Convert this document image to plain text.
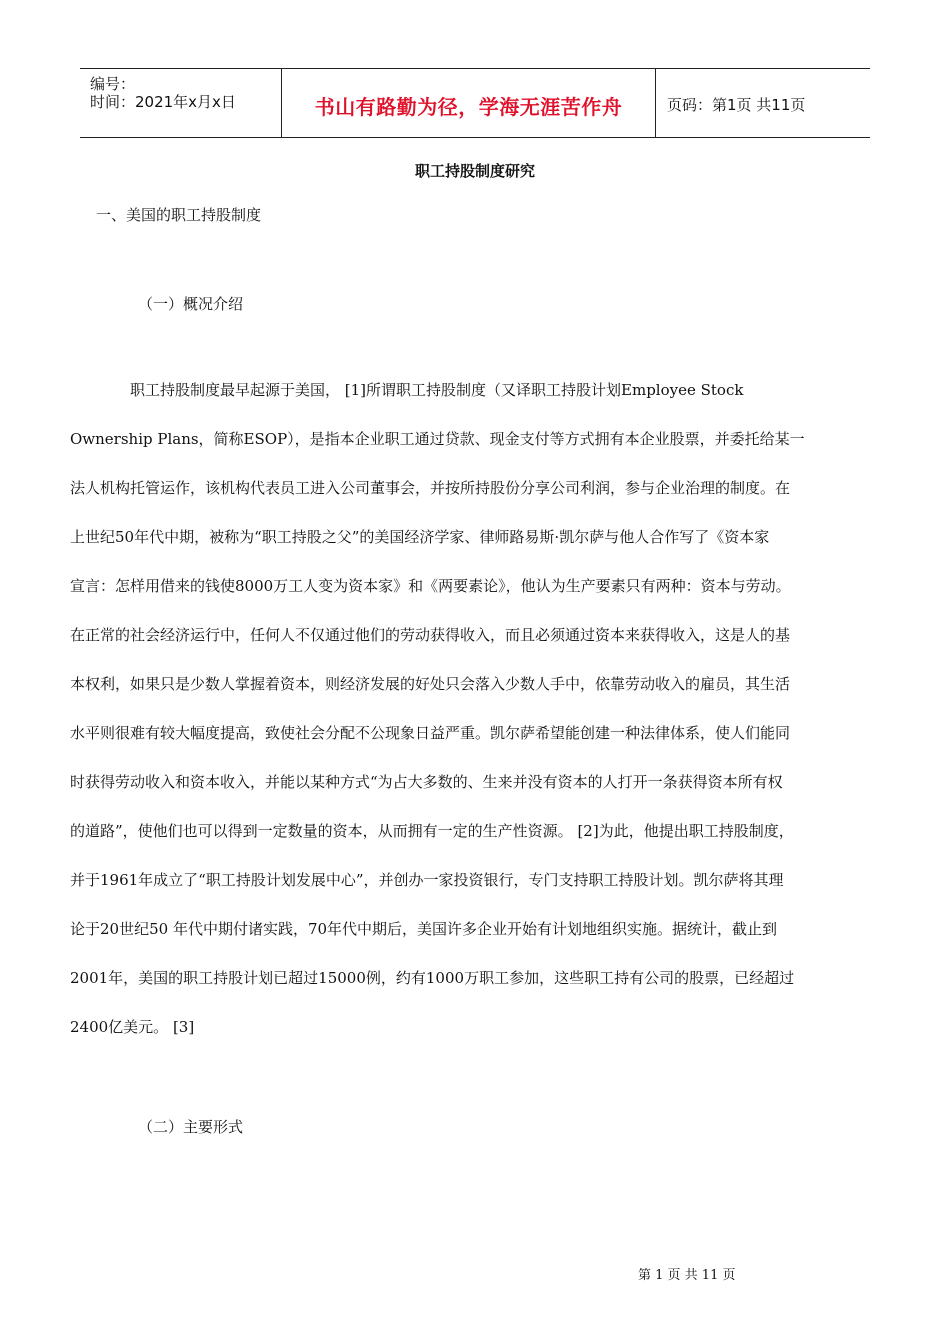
编号：
时间：2021年x月x日	书山有路勤为径，学海无涯苦作舟	页码：第1页 共11页
职工持股制度研究
一、美国的职工持股制度
（一）概况介绍
职工持股制度最早起源于美国， [1]所谓职工持股制度（又译职工持股计划Employee Stock
Ownership Plans，简称ESOP），是指本企业职工通过贷款、现金支付等方式拥有本企业股票，并委托给某一
法人机构托管运作，该机构代表员工进入公司董事会，并按所持股份分享公司利润，参与企业治理的制度。在
上世纪50年代中期，被称为“职工持股之父”的美国经济学家、律师路易斯·凯尔萨与他人合作写了《资本家
宣言：怎样用借来的钱使8000万工人变为资本家》和《两要素论》，他认为生产要素只有两种：资本与劳动。
在正常的社会经济运行中，任何人不仅通过他们的劳动获得收入，而且必须通过资本来获得收入，这是人的基
本权利，如果只是少数人掌握着资本，则经济发展的好处只会落入少数人手中，依靠劳动收入的雇员，其生活
水平则很难有较大幅度提高，致使社会分配不公现象日益严重。凯尔萨希望能创建一种法律体系，使人们能同
时获得劳动收入和资本收入，并能以某种方式“为占大多数的、生来并没有资本的人打开一条获得资本所有权
的道路”，使他们也可以得到一定数量的资本，从而拥有一定的生产性资源。 [2]为此，他提出职工持股制度，
并于1961年成立了“职工持股计划发展中心”，并创办一家投资银行，专门支持职工持股计划。凯尔萨将其理
论于20世纪50 年代中期付诸实践，70年代中期后，美国许多企业开始有计划地组织实施。据统计，截止到
2001年，美国的职工持股计划已超过15000例，约有1000万职工参加，这些职工持有公司的股票，已经超过
2400亿美元。 [3]
（二）主要形式
第 1 页 共 11 页
